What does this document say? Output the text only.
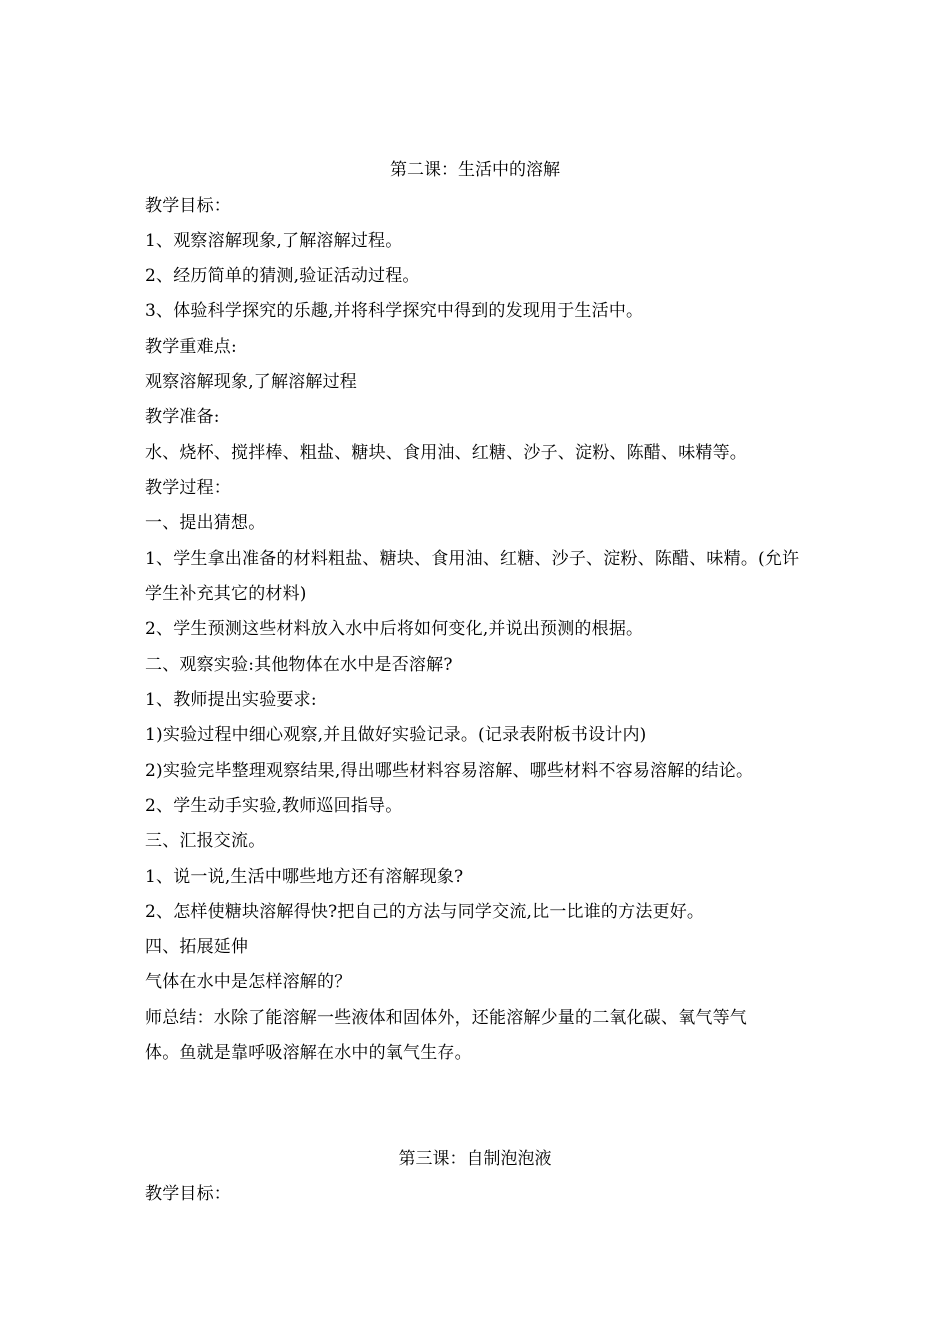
第二课：生活中的溶解
教学目标：
1、观察溶解现象,了解溶解过程。
2、经历简单的猜测,验证活动过程。
3、体验科学探究的乐趣,并将科学探究中得到的发现用于生活中。
教学重难点:
观察溶解现象,了解溶解过程
教学准备:
水、烧杯、搅拌棒、粗盐、糖块、食用油、红糖、沙子、淀粉、陈醋、味精等。
教学过程：
一、提出猜想。
1、学生拿出准备的材料粗盐、糖块、食用油、红糖、沙子、淀粉、陈醋、味精。(允许
学生补充其它的材料)
2、学生预测这些材料放入水中后将如何变化,并说出预测的根据。
二、观察实验:其他物体在水中是否溶解?
1、教师提出实验要求:
1)实验过程中细心观察,并且做好实验记录。(记录表附板书设计内)
2)实验完毕整理观察结果,得出哪些材料容易溶解、哪些材料不容易溶解的结论。
2、学生动手实验,教师巡回指导。
三、汇报交流。
1、说一说,生活中哪些地方还有溶解现象?
2、怎样使糖块溶解得快?把自己的方法与同学交流,比一比谁的方法更好。
四、拓展延伸
气体在水中是怎样溶解的？
师总结：水除了能溶解一些液体和固体外，还能溶解少量的二氧化碳、氧气等气
体。鱼就是靠呼吸溶解在水中的氧气生存。
第三课：自制泡泡液
教学目标：
